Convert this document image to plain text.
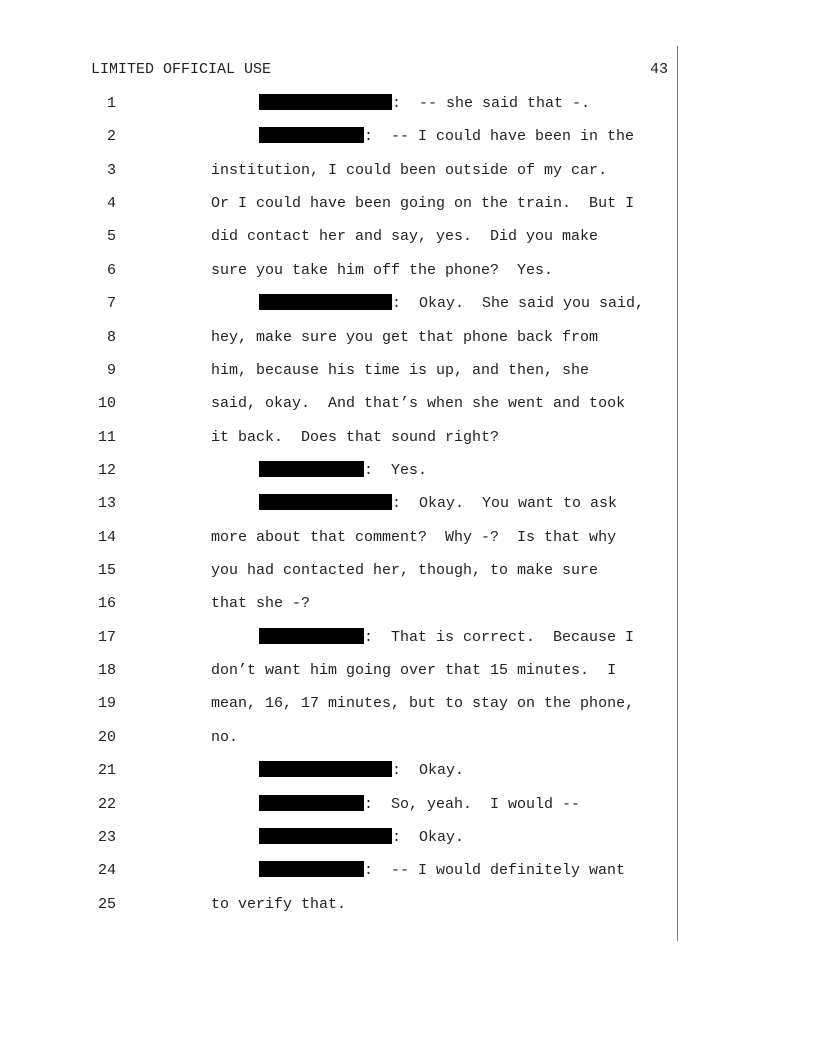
LIMITED OFFICIAL USE	43
1	:  -- she said that -.
2	:  -- I could have been in the
3	institution, I could been outside of my car.
4	Or I could have been going on the train.  But I
5	did contact her and say, yes.  Did you make
6	sure you take him off the phone?  Yes.
7	:  Okay.  She said you said,
8	hey, make sure you get that phone back from
9	him, because his time is up, and then, she
10	said, okay.  And that’s when she went and took
11	it back.  Does that sound right?
12	:  Yes.
13	:  Okay.  You want to ask
14	more about that comment?  Why -?  Is that why
15	you had contacted her, though, to make sure
16	that she -?
17	:  That is correct.  Because I
18	don’t want him going over that 15 minutes.  I
19	mean, 16, 17 minutes, but to stay on the phone,
20	no.
21	:  Okay.
22	:  So, yeah.  I would --
23	:  Okay.
24	:  -- I would definitely want
25	to verify that.
